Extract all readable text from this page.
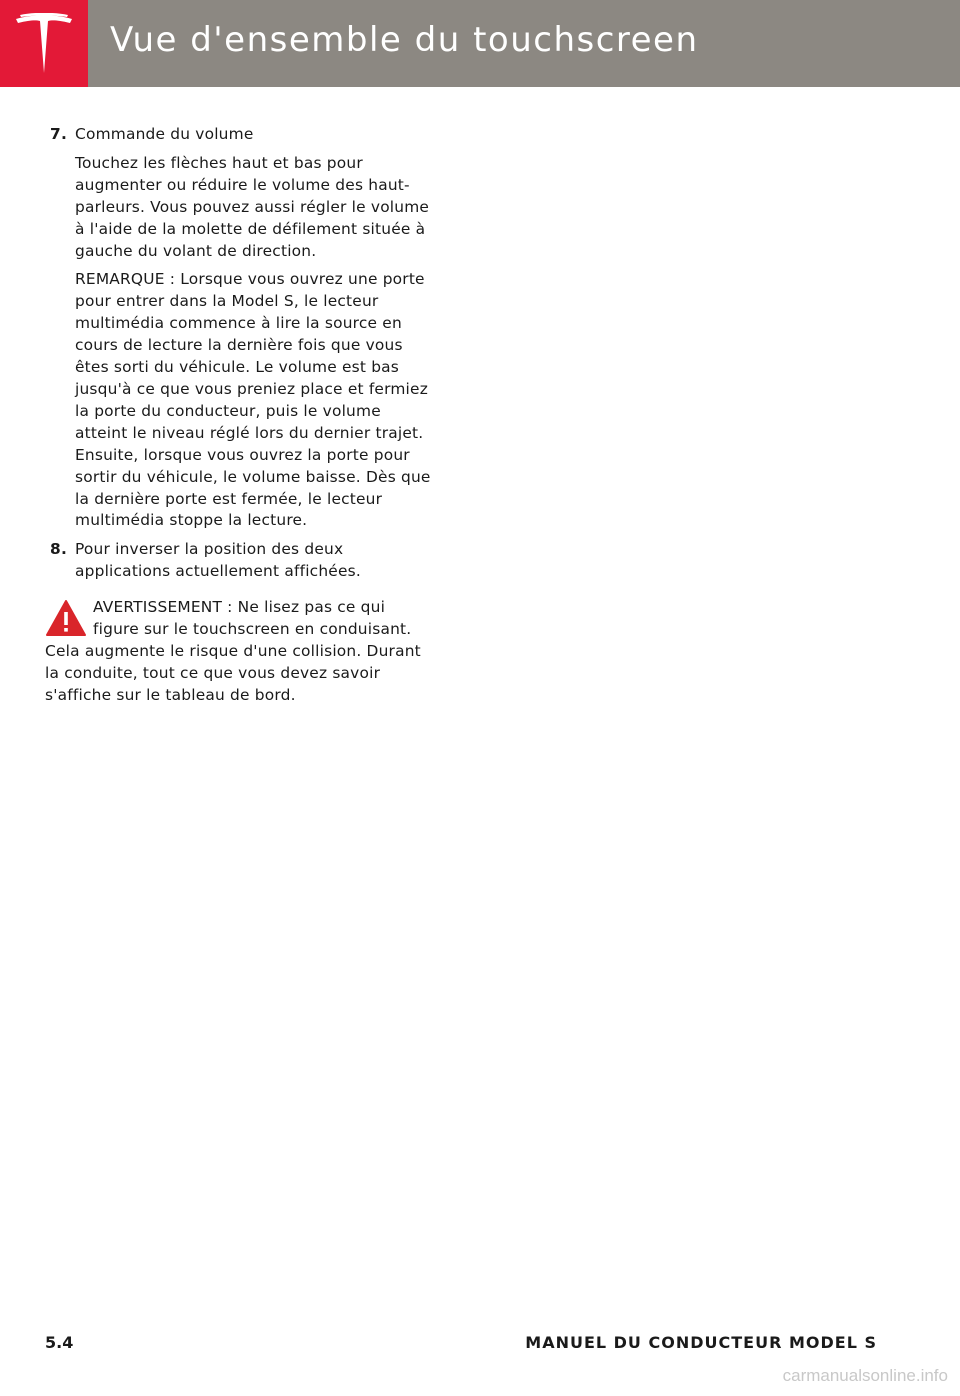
Vue d'ensemble du touchscreen
7. Commande du volume

Touchez les flèches haut et bas pour augmenter ou réduire le volume des haut-parleurs. Vous pouvez aussi régler le volume à l'aide de la molette de défilement située à gauche du volant de direction.

REMARQUE : Lorsque vous ouvrez une porte pour entrer dans la Model S, le lecteur multimédia commence à lire la source en cours de lecture la dernière fois que vous êtes sorti du véhicule. Le volume est bas jusqu'à ce que vous preniez place et fermiez la porte du conducteur, puis le volume atteint le niveau réglé lors du dernier trajet. Ensuite, lorsque vous ouvrez la porte pour sortir du véhicule, le volume baisse. Dès que la dernière porte est fermée, le lecteur multimédia stoppe la lecture.

8. Pour inverser la position des deux applications actuellement affichées.

AVERTISSEMENT : Ne lisez pas ce qui
figure sur le touchscreen en conduisant.
Cela augmente le risque d'une collision. Durant la conduite, tout ce que vous devez savoir s'affiche sur le tableau de bord.
5.4	MANUEL DU CONDUCTEUR MODEL S
carmanualsonline.info
